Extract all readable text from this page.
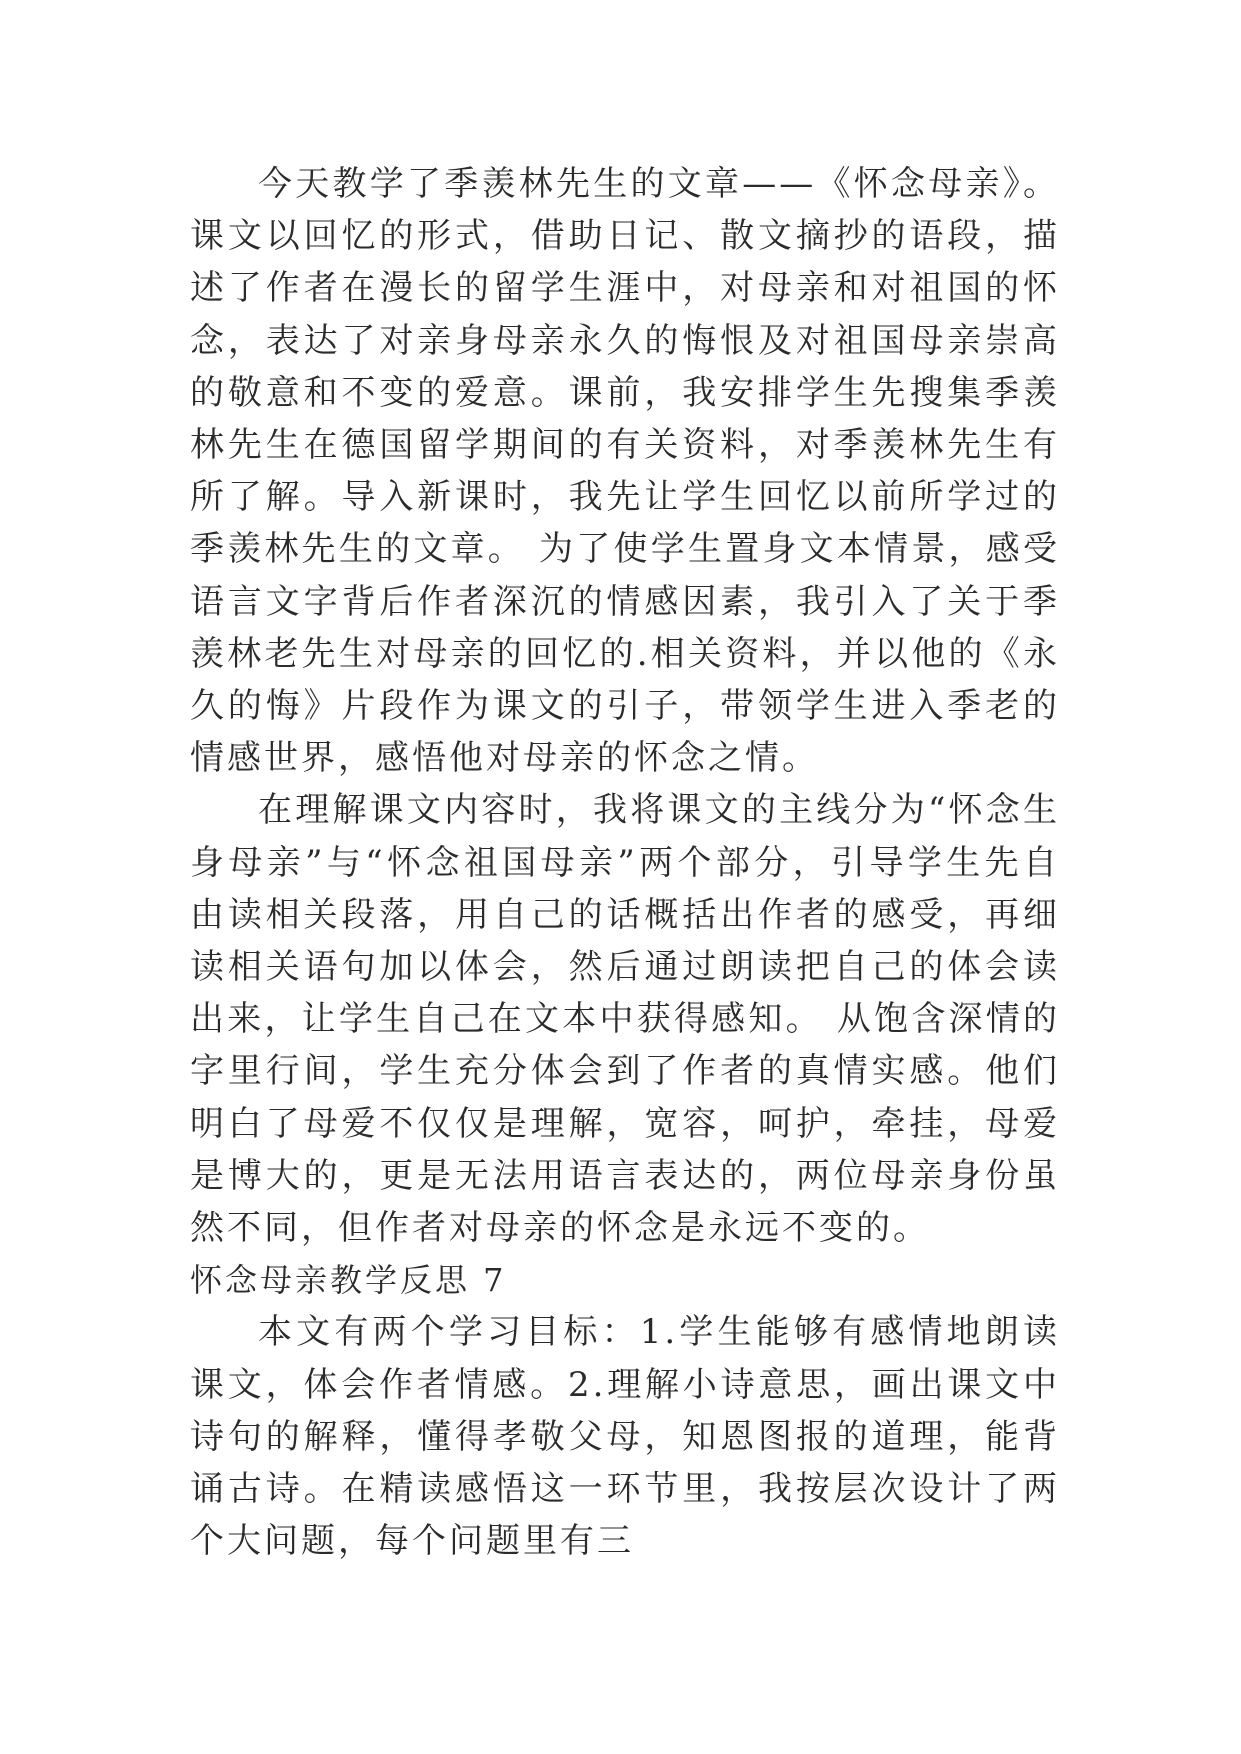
今天教学了季羡林先生的文章——《怀念母亲》。课文以回忆的形式，借助日记、散文摘抄的语段，描述了作者在漫长的留学生涯中，对母亲和对祖国的怀念，表达了对亲身母亲永久的悔恨及对祖国母亲崇高的敬意和不变的爱意。课前，我安排学生先搜集季羡林先生在德国留学期间的有关资料，对季羡林先生有所了解。导入新课时，我先让学生回忆以前所学过的季羡林先生的文章。 为了使学生置身文本情景，感受语言文字背后作者深沉的情感因素，我引入了关于季羡林老先生对母亲的回忆的.相关资料，并以他的《永久的悔》片段作为课文的引子，带领学生进入季老的情感世界，感悟他对母亲的怀念之情。

在理解课文内容时，我将课文的主线分为“怀念生身母亲”与“怀念祖国母亲”两个部分，引导学生先自由读相关段落，用自己的话概括出作者的感受，再细读相关语句加以体会，然后通过朗读把自己的体会读出来，让学生自己在文本中获得感知。 从饱含深情的字里行间，学生充分体会到了作者的真情实感。他们明白了母爱不仅仅是理解，宽容，呵护，牵挂，母爱是博大的，更是无法用语言表达的，两位母亲身份虽然不同，但作者对母亲的怀念是永远不变的。

怀念母亲教学反思 7

本文有两个学习目标：1.学生能够有感情地朗读课文，体会作者情感。2.理解小诗意思，画出课文中诗句的解释，懂得孝敬父母，知恩图报的道理，能背诵古诗。在精读感悟这一环节里，我按层次设计了两个大问题，每个问题里有三
